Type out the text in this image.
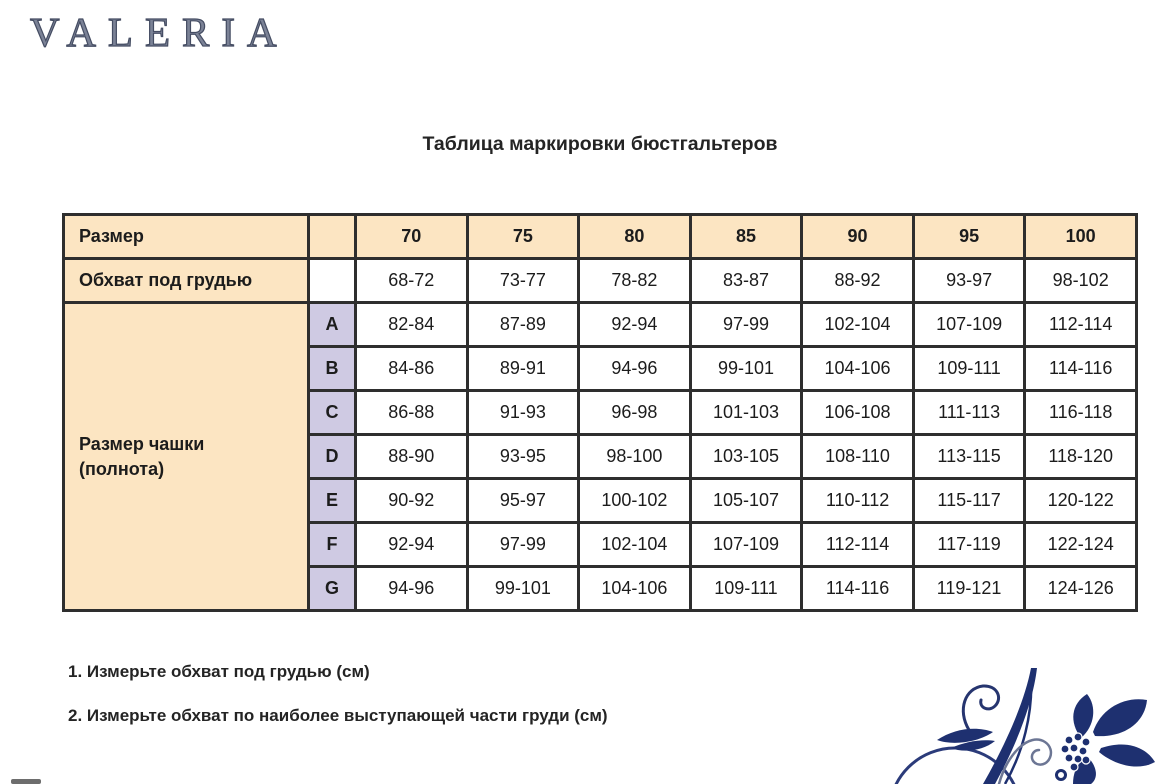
VALERIA
Таблица маркировки бюстгальтеров
Размер		70	75	80	85	90	95	100
Обхват под грудью		68-72	73-77	78-82	83-87	88-92	93-97	98-102

Размер чашки
(полнота)	A	82-84	87-89	92-94	97-99	102-104	107-109	112-114
	B	84-86	89-91	94-96	99-101	104-106	109-111	114-116
	C	86-88	91-93	96-98	101-103	106-108	111-113	116-118
	D	88-90	93-95	98-100	103-105	108-110	113-115	118-120
	E	90-92	95-97	100-102	105-107	110-112	115-117	120-122
	F	92-94	97-99	102-104	107-109	112-114	117-119	122-124
	G	94-96	99-101	104-106	109-111	114-116	119-121	124-126

1. Измерьте обхват под грудью (см)

2. Измерьте обхват по наиболее выступающей части груди (см)
